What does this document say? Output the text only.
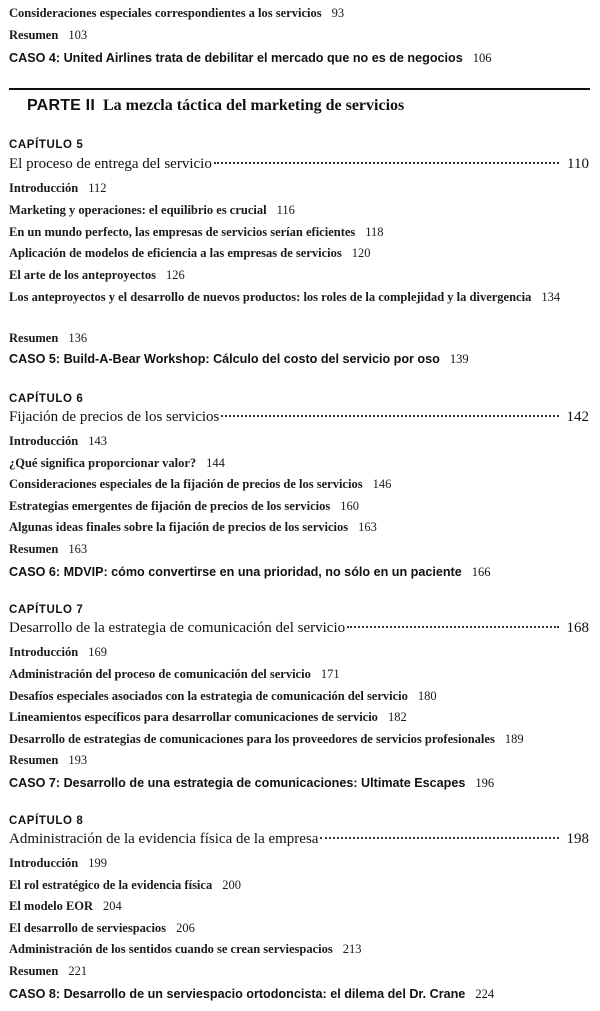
Consideraciones especiales correspondientes a los servicios 93
Resumen 103
CASO 4: United Airlines trata de debilitar el mercado que no es de negocios 106
PARTE II La mezcla táctica del marketing de servicios
CAPÍTULO 5
El proceso de entrega del servicio	110
Introducción 112
Marketing y operaciones: el equilibrio es crucial 116
En un mundo perfecto, las empresas de servicios serían eficientes 118
Aplicación de modelos de eficiencia a las empresas de servicios 120
El arte de los anteproyectos 126
Los anteproyectos y el desarrollo de nuevos productos: los roles de la complejidad y la divergencia 134
Resumen 136
CASO 5: Build-A-Bear Workshop: Cálculo del costo del servicio por oso 139
CAPÍTULO 6
Fijación de precios de los servicios	142
Introducción 143
¿Qué significa proporcionar valor? 144
Consideraciones especiales de la fijación de precios de los servicios 146
Estrategias emergentes de fijación de precios de los servicios 160
Algunas ideas finales sobre la fijación de precios de los servicios 163
Resumen 163
CASO 6: MDVIP: cómo convertirse en una prioridad, no sólo en un paciente 166
CAPÍTULO 7
Desarrollo de la estrategia de comunicación del servicio	168
Introducción 169
Administración del proceso de comunicación del servicio 171
Desafíos especiales asociados con la estrategia de comunicación del servicio 180
Lineamientos específicos para desarrollar comunicaciones de servicio 182
Desarrollo de estrategias de comunicaciones para los proveedores de servicios profesionales 189
Resumen 193
CASO 7: Desarrollo de una estrategia de comunicaciones: Ultimate Escapes 196
CAPÍTULO 8
Administración de la evidencia física de la empresa	198
Introducción 199
El rol estratégico de la evidencia física 200
El modelo EOR 204
El desarrollo de serviespacios 206
Administración de los sentidos cuando se crean serviespacios 213
Resumen 221
CASO 8: Desarrollo de un serviespacio ortodoncista: el dilema del Dr. Crane 224
